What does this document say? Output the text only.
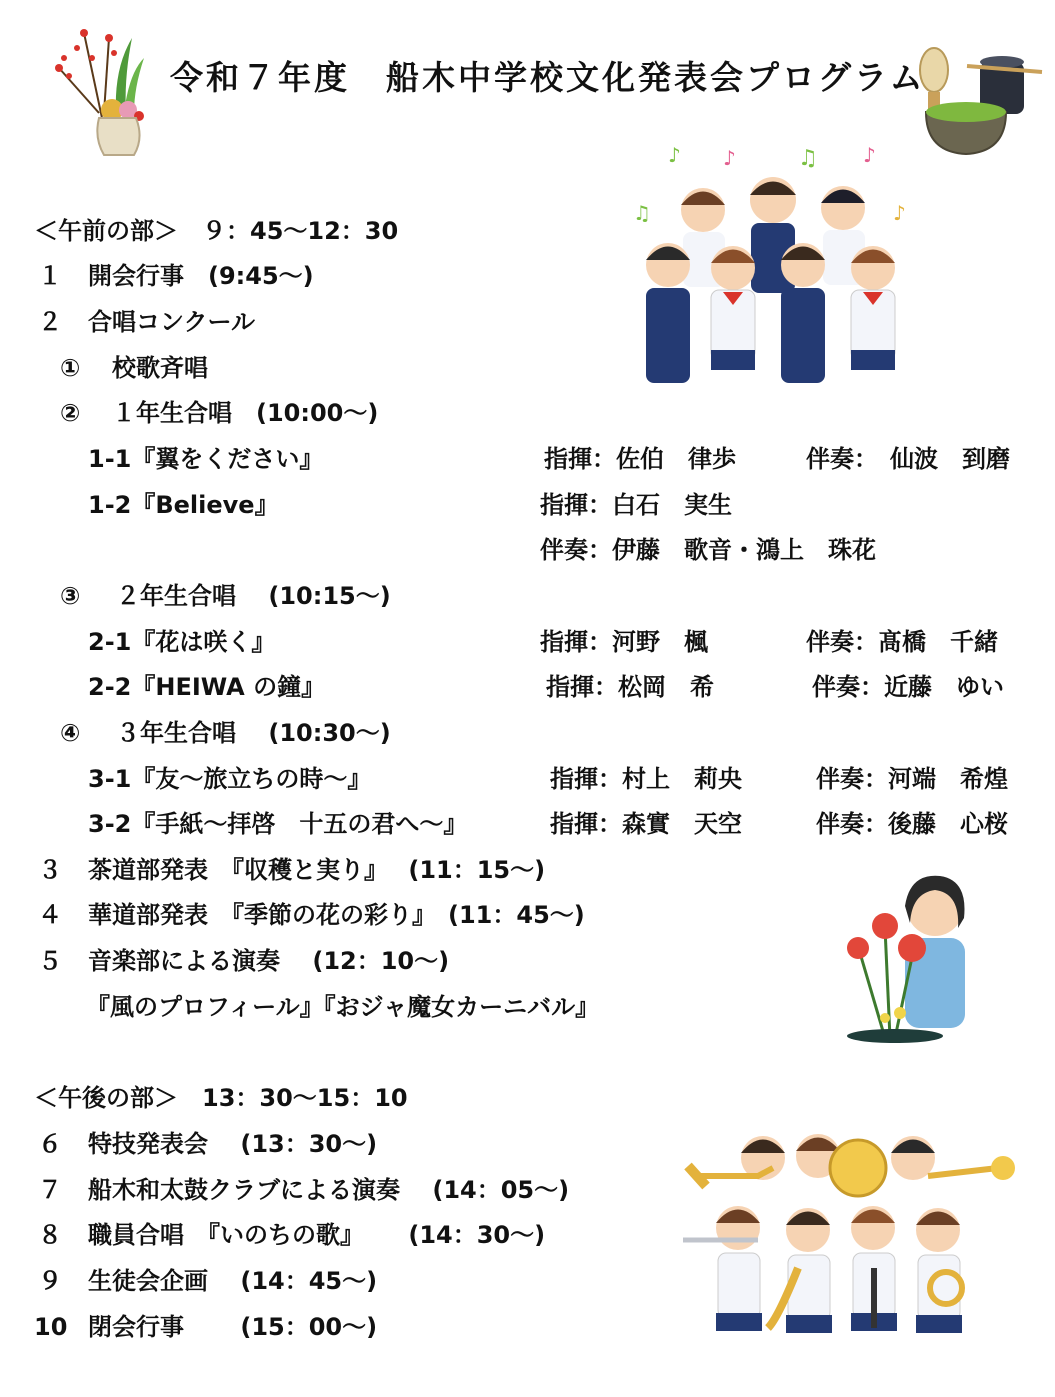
♪	♫
♪	♪
♫	♪
令和７年度　船木中学校文化発表会プログラム
＜午前の部＞　９：45～12：30
１ 開会行事　(9:45～)
２ 合唱コンクール
① 校歌斉唱
② １年生合唱　(10:00～)
1-1『翼をください』	指揮：佐伯　律歩	伴奏：　仙波　到磨
1-2『Believe』	指揮：白石　実生
伴奏：伊藤　歌音・鴻上　珠花
③ ２年生合唱　 (10:15～)
2-1『花は咲く』	指揮：河野　楓	伴奏：髙橋　千緒
2-2『HEIWA の鐘』	指揮：松岡　希	伴奏：近藤　ゆい
④ ３年生合唱　 (10:30～)
3-1『友～旅立ちの時～』	指揮：村上　莉央	伴奏：河端　希煌
3-2『手紙～拝啓　十五の君へ～』	指揮：森實　天空	伴奏：後藤　心桜
３ 茶道部発表　『収穫と実り』　 (11：15～)
４ 華道部発表　『季節の花の彩り』　(11：45～)
５ 音楽部による演奏　 (12：10～)
『風のプロフィール』『おジャ魔女カーニバル』
＜午後の部＞　13：30～15：10
６ 特技発表会　 (13：30～)
７ 船木和太鼓クラブによる演奏　 (14：05～)
８ 職員合唱　『いのちの歌』　　 (14：30～)
９ 生徒会企画　 (14：45～)
10 閉会行事　　 (15：00～)
